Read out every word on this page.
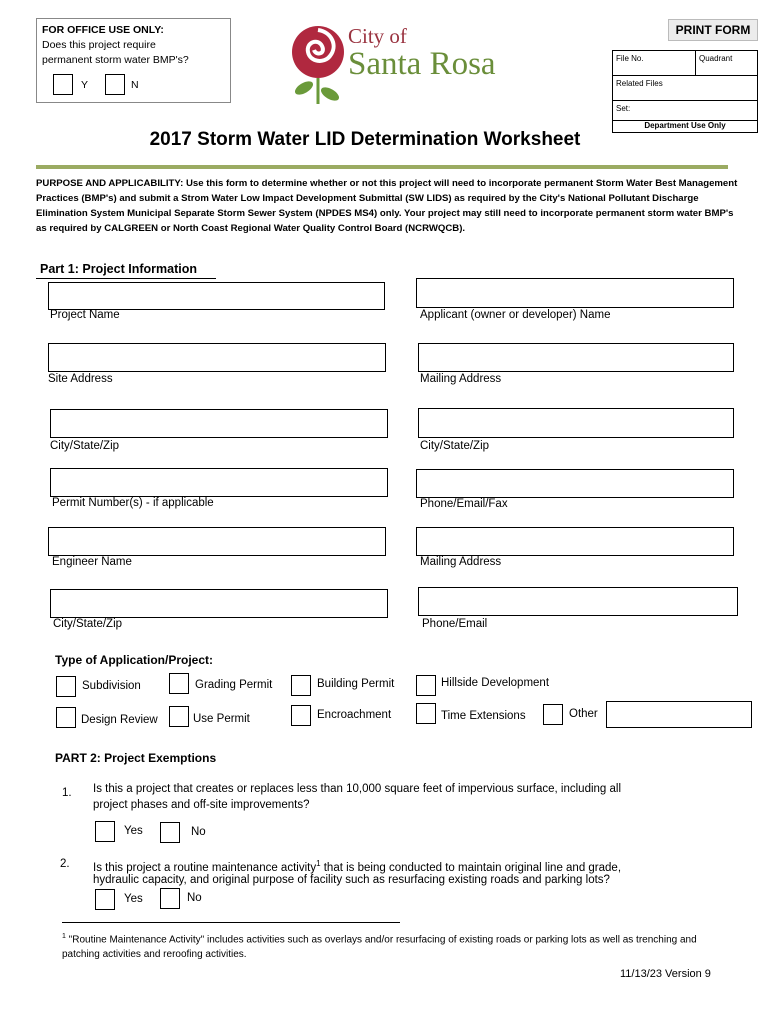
FOR OFFICE USE ONLY:
Does this project require
permanent storm water BMP's?
Y	N
City of
Santa Rosa
PRINT FORM
File No.	Quadrant
Related Files
Set:
Department Use Only
2017 Storm Water LID Determination Worksheet
PURPOSE AND APPLICABILITY: Use this form to determine whether or not this project will need to incorporate permanent Storm Water Best Management Practices (BMP's) and submit a Strom Water Low Impact Development Submittal (SW LIDS) as required by the City's National Pollutant Discharge Elimination System Municipal Separate Storm Sewer System (NPDES MS4) only. Your project may still need to incorporate permanent storm water BMP's as required by CALGREEN or North Coast Regional Water Quality Control Board (NCRWQCB).
Part 1: Project Information
Project Name	Applicant (owner or developer) Name
Site Address	Mailing Address
City/State/Zip	City/State/Zip
Permit Number(s) - if applicable	Phone/Email/Fax
Engineer Name	Mailing Address
City/State/Zip	Phone/Email
Type of Application/Project:
Subdivision	Grading Permit	Building Permit	Hillside Development
Design Review	Use Permit	Encroachment	Time Extensions	Other
PART 2: Project Exemptions
1. Is this a project that creates or replaces less than 10,000 square feet of impervious surface, including all
project phases and off-site improvements?
Yes	No
2. Is this project a routine maintenance activity$^1$ that is being conducted to maintain original line and grade,
hydraulic capacity, and original purpose of facility such as resurfacing existing roads and parking lots?
Yes	No
$^1$ "Routine Maintenance Activity" includes activities such as overlays and/or resurfacing of existing roads or parking lots as well as trenching and patching activities and reroofing activities.
11/13/23 Version 9
